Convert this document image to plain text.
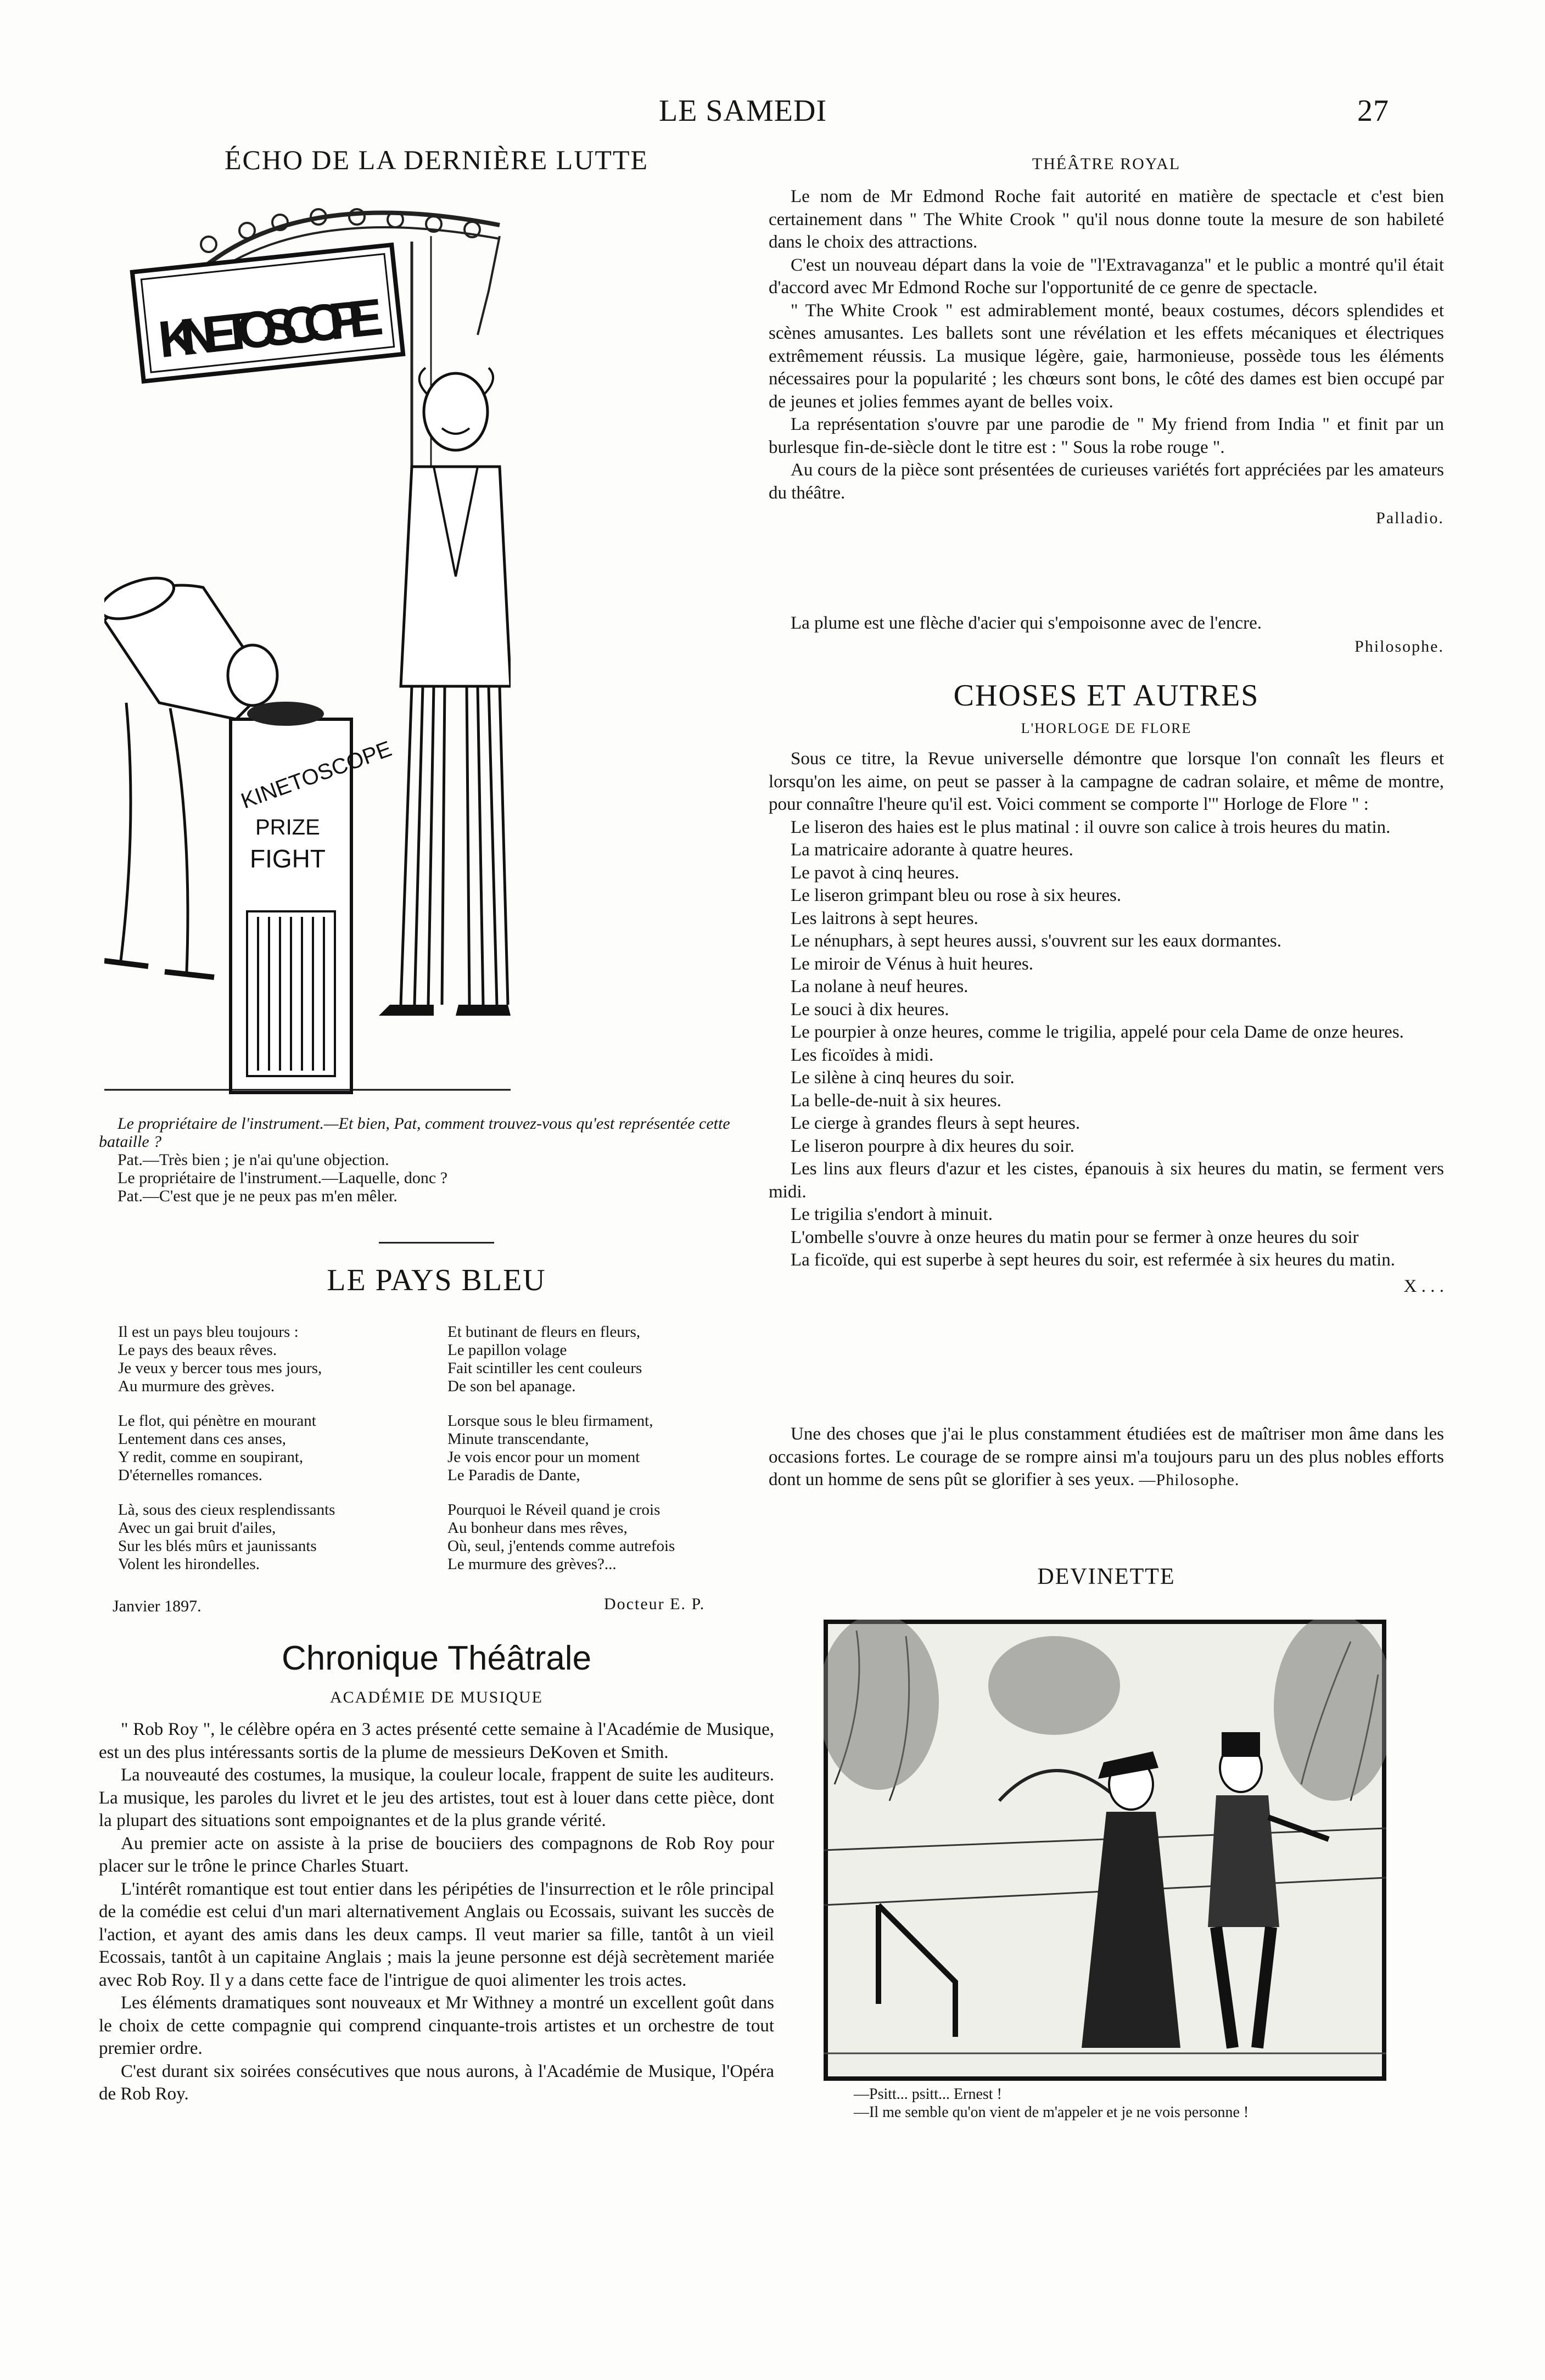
LE SAMEDI	27
ÉCHO DE LA DERNIÈRE LUTTE
KINETOSCOPE
KINETOSCOPE
PRIZE
FIGHT

Le propriétaire de l'instrument.—Et bien, Pat, comment trouvez-vous qu'est représentée cette bataille ?

Pat.—Très bien ; je n'ai qu'une objection.

Le propriétaire de l'instrument.—Laquelle, donc ?

Pat.—C'est que je ne peux pas m'en mêler.

LE PAYS BLEU

Il est un pays bleu toujours :

Le pays des beaux rêves.

Je veux y bercer tous mes jours,

Au murmure des grèves.

Le flot, qui pénètre en mourant

Lentement dans ces anses,

Y redit, comme en soupirant,

D'éternelles romances.

Là, sous des cieux resplendissants

Avec un gai bruit d'ailes,

Sur les blés mûrs et jaunissants

Volent les hirondelles.

Et butinant de fleurs en fleurs,

Le papillon volage

Fait scintiller les cent couleurs

De son bel apanage.

Lorsque sous le bleu firmament,

Minute transcendante,

Je vois encor pour un moment

Le Paradis de Dante,

Pourquoi le Réveil quand je crois

Au bonheur dans mes rêves,

Où, seul, j'entends comme autrefois

Le murmure des grèves?...

Janvier 1897.	Docteur E. P.
Chronique Théâtrale
ACADÉMIE DE MUSIQUE

" Rob Roy ", le célèbre opéra en 3 actes présenté cette semaine à l'Académie de Musique, est un des plus intéressants sortis de la plume de messieurs DeKoven et Smith.

La nouveauté des costumes, la musique, la couleur locale, frappent de suite les auditeurs. La musique, les paroles du livret et le jeu des artistes, tout est à louer dans cette pièce, dont la plupart des situations sont empoignantes et de la plus grande vérité.

Au premier acte on assiste à la prise de bouciiers des compagnons de Rob Roy pour placer sur le trône le prince Charles Stuart.

L'intérêt romantique est tout entier dans les péripéties de l'insurrection et le rôle principal de la comédie est celui d'un mari alternativement Anglais ou Ecossais, suivant les succès de l'action, et ayant des amis dans les deux camps. Il veut marier sa fille, tantôt à un vieil Ecossais, tantôt à un capitaine Anglais ; mais la jeune personne est déjà secrètement mariée avec Rob Roy. Il y a dans cette face de l'intrigue de quoi alimenter les trois actes.

Les éléments dramatiques sont nouveaux et Mr Withney a montré un excellent goût dans le choix de cette compagnie qui comprend cinquante-trois artistes et un orchestre de tout premier ordre.

C'est durant six soirées consécutives que nous aurons, à l'Académie de Musique, l'Opéra de Rob Roy.

THÉÂTRE ROYAL

Le nom de Mr Edmond Roche fait autorité en matière de spectacle et c'est bien certainement dans " The White Crook " qu'il nous donne toute la mesure de son habileté dans le choix des attractions.

C'est un nouveau départ dans la voie de "l'Extravaganza" et le public a montré qu'il était d'accord avec Mr Edmond Roche sur l'opportunité de ce genre de spectacle.

" The White Crook " est admirablement monté, beaux costumes, décors splendides et scènes amusantes. Les ballets sont une révélation et les effets mécaniques et électriques extrêmement réussis. La musique légère, gaie, harmonieuse, possède tous les éléments nécessaires pour la popularité ; les chœurs sont bons, le côté des dames est bien occupé par de jeunes et jolies femmes ayant de belles voix.

La représentation s'ouvre par une parodie de " My friend from India " et finit par un burlesque fin-de-siècle dont le titre est : " Sous la robe rouge ".

Au cours de la pièce sont présentées de curieuses variétés fort appréciées par les amateurs du théâtre.

Palladio.

La plume est une flèche d'acier qui s'empoisonne avec de l'encre.

Philosophe.

CHOSES ET AUTRES
L'HORLOGE DE FLORE

Sous ce titre, la Revue universelle démontre que lorsque l'on connaît les fleurs et lorsqu'on les aime, on peut se passer à la campagne de cadran solaire, et même de montre, pour connaître l'heure qu'il est. Voici comment se comporte l'" Horloge de Flore " :

Le liseron des haies est le plus matinal : il ouvre son calice à trois heures du matin.

La matricaire adorante à quatre heures.

Le pavot à cinq heures.

Le liseron grimpant bleu ou rose à six heures.

Les laitrons à sept heures.

Le nénuphars, à sept heures aussi, s'ouvrent sur les eaux dormantes.

Le miroir de Vénus à huit heures.

La nolane à neuf heures.

Le souci à dix heures.

Le pourpier à onze heures, comme le trigilia, appelé pour cela Dame de onze heures.

Les ficoïdes à midi.

Le silène à cinq heures du soir.

La belle-de-nuit à six heures.

Le cierge à grandes fleurs à sept heures.

Le liseron pourpre à dix heures du soir.

Les lins aux fleurs d'azur et les cistes, épanouis à six heures du matin, se ferment vers midi.

Le trigilia s'endort à minuit.

L'ombelle s'ouvre à onze heures du matin pour se fermer à onze heures du soir

La ficoïde, qui est superbe à sept heures du soir, est refermée à six heures du matin.

X . . .

Une des choses que j'ai le plus constamment étudiées est de maîtriser mon âme dans les occasions fortes. Le courage de se rompre ainsi m'a toujours paru un des plus nobles efforts dont un homme de sens pût se glorifier à ses yeux. —Philosophe.

DEVINETTE

—Psitt... psitt... Ernest !

—Il me semble qu'on vient de m'appeler et je ne vois personne !
